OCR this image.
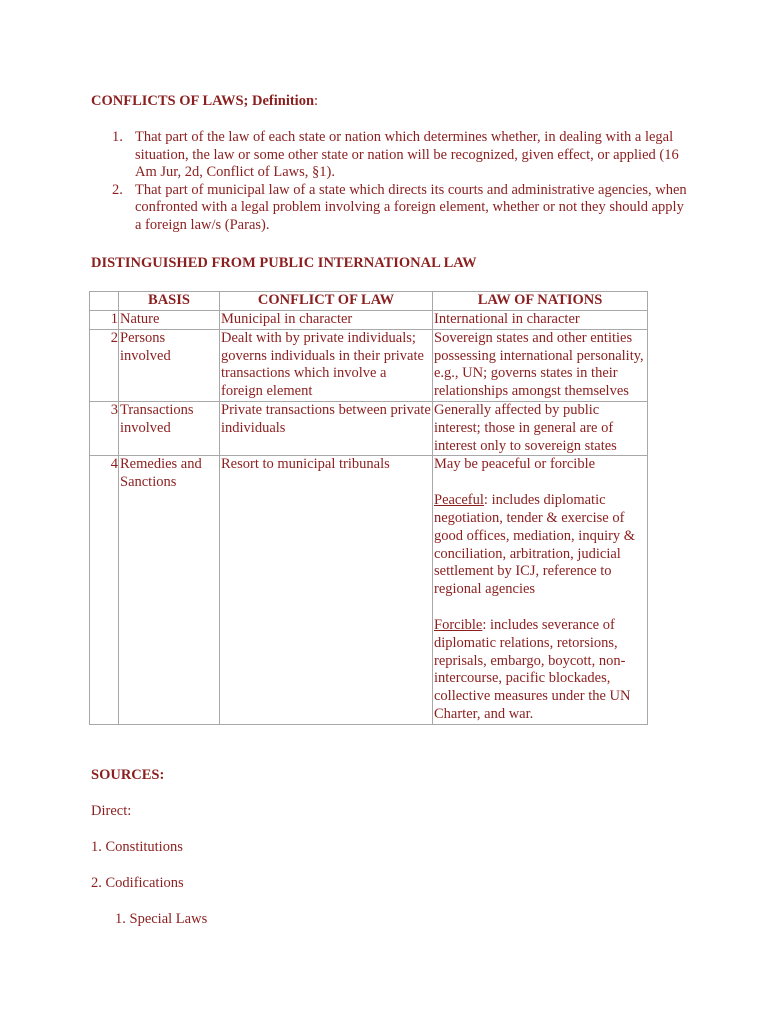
CONFLICTS OF LAWS; Definition:
1. That part of the law of each state or nation which determines whether, in dealing with a legal situation, the law or some other state or nation will be recognized, given effect, or applied (16 Am Jur, 2d, Conflict of Laws, §1).
2. That part of municipal law of a state which directs its courts and administrative agencies, when confronted with a legal problem involving a foreign element, whether or not they should apply a foreign law/s (Paras).
DISTINGUISHED FROM PUBLIC INTERNATIONAL LAW
	BASIS	CONFLICT OF LAW	LAW OF NATIONS
1	Nature	Municipal in character	International in character
2	Persons involved	Dealt with by private individuals; governs individuals in their private transactions which involve a foreign element	Sovereign states and other entities possessing international personality, e.g., UN; governs states in their relationships amongst themselves
3	Transactions involved	Private transactions between private individuals	Generally affected by public interest; those in general are of interest only to sovereign states
4	Remedies and Sanctions	Resort to municipal tribunals	May be peaceful or forcible
Peaceful: includes diplomatic negotiation, tender & exercise of good offices, mediation, inquiry & conciliation, arbitration, judicial settlement by ICJ, reference to regional agencies
Forcible: includes severance of diplomatic relations, retorsions, reprisals, embargo, boycott, non-intercourse, pacific blockades, collective measures under the UN Charter, and war.
SOURCES:
Direct:
1. Constitutions
2. Codifications
1. Special Laws
